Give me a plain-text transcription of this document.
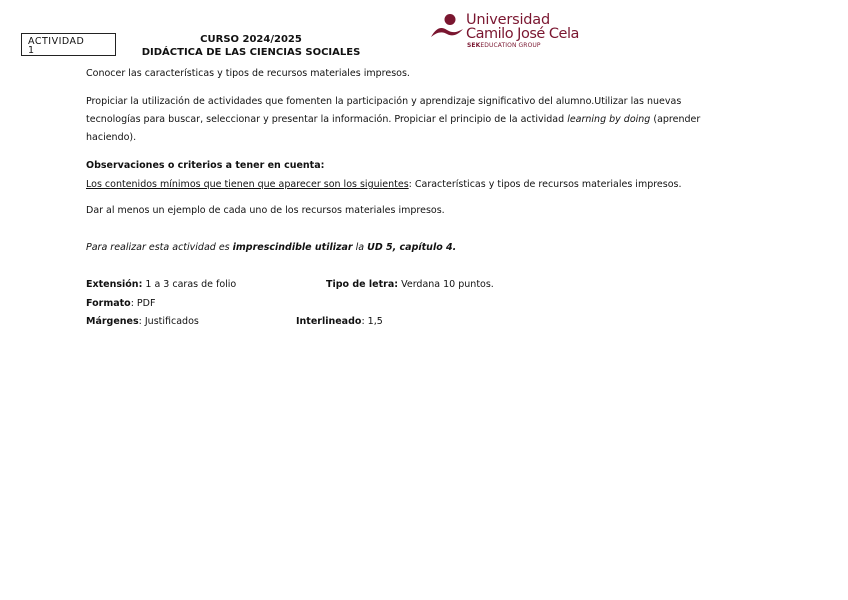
ACTIVIDAD
1
CURSO 2024/2025
DIDÁCTICA DE LAS CIENCIAS SOCIALES
Universidad
Camilo José Cela
SEKEDUCATION GROUP
Conocer las características y tipos de recursos materiales impresos.
Propiciar la utilización de actividades que fomenten la participación y aprendizaje significativo del alumno.Utilizar las nuevas
tecnologías para buscar, seleccionar y presentar la información. Propiciar el principio de la actividad learning by doing (aprender
haciendo).
Observaciones o criterios a tener en cuenta:
Los contenidos mínimos que tienen que aparecer son los siguientes: Características y tipos de recursos materiales impresos.
Dar al menos un ejemplo de cada uno de los recursos materiales impresos.
Para realizar esta actividad es imprescindible utilizar la UD 5, capítulo 4.
Extensión: 1 a 3 caras de folio	Tipo de letra: Verdana 10 puntos.
Formato: PDF
Márgenes: Justificados	Interlineado: 1,5
